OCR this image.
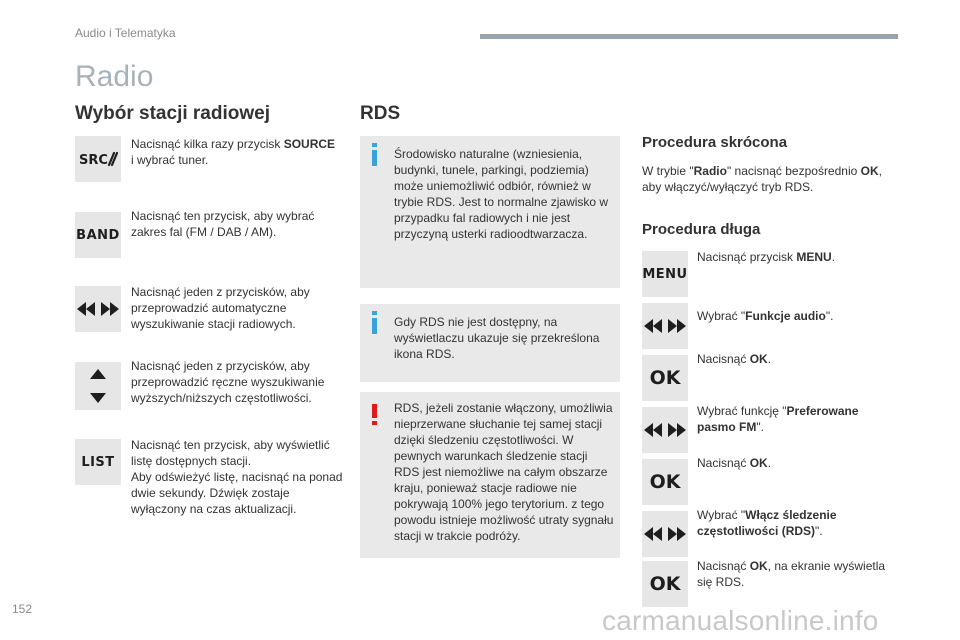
Audio i Telematyka
Radio
Wybór stacji radiowej
SRC
Nacisnąć kilka razy przycisk SOURCE i wybrać tuner.
BAND
Nacisnąć ten przycisk, aby wybrać zakres fal (FM / DAB / AM).
Nacisnąć jeden z przycisków, aby przeprowadzić automatyczne wyszukiwanie stacji radiowych.
Nacisnąć jeden z przycisków, aby przeprowadzić ręczne wyszukiwanie wyższych/niższych częstotliwości.
LIST
Nacisnąć ten przycisk, aby wyświetlić listę dostępnych stacji.
Aby odświeżyć listę, nacisnąć na ponad dwie sekundy. Dźwięk zostaje wyłączony na czas aktualizacji.
RDS
Środowisko naturalne (wzniesienia, budynki, tunele, parkingi, podziemia) może uniemożliwić odbiór, również w trybie RDS. Jest to normalne zjawisko w przypadku fal radiowych i nie jest przyczyną usterki radioodtwarzacza.
Gdy RDS nie jest dostępny, na wyświetlaczu ukazuje się przekreślona ikona RDS.
RDS, jeżeli zostanie włączony, umożliwia nieprzerwane słuchanie tej samej stacji dzięki śledzeniu częstotliwości. W pewnych warunkach śledzenie stacji RDS jest niemożliwe na całym obszarze kraju, ponieważ stacje radiowe nie pokrywają 100% jego terytorium. z tego powodu istnieje możliwość utraty sygnału stacji w trakcie podróży.
Procedura skrócona
W trybie "Radio" nacisnąć bezpośrednio OK, aby włączyć/wyłączyć tryb RDS.
Procedura długa
MENU
Nacisnąć przycisk MENU.
Wybrać "Funkcje audio".
OK
Nacisnąć OK.
Wybrać funkcję "Preferowane pasmo FM".
OK
Nacisnąć OK.
Wybrać "Włącz śledzenie częstotliwości (RDS)".
OK
Nacisnąć OK, na ekranie wyświetla się RDS.
152	carmanualsonline.info
